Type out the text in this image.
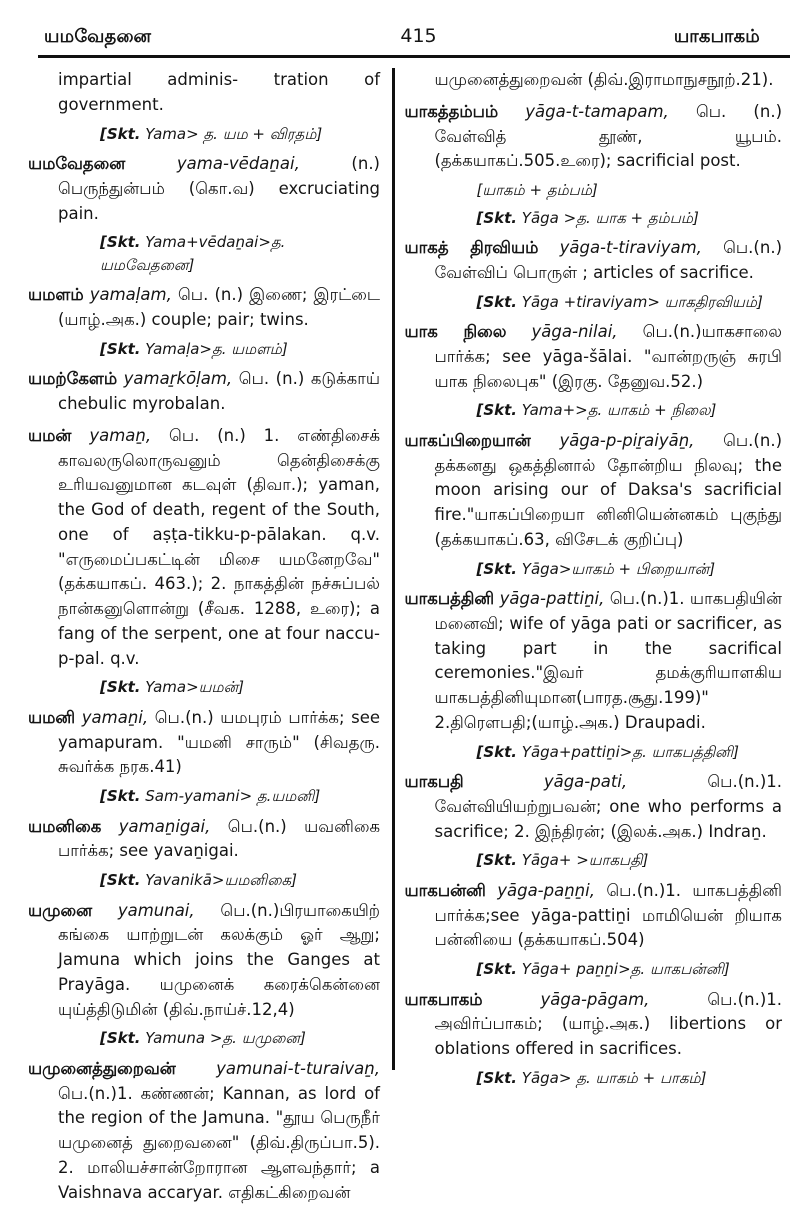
யமவேதனை	415	யாகபாகம்

impartial adminis- tration of government.

[Skt. Yama> த. யம + விரதம்]

யமவேதனை	yama-vēdaṉai, (n.) பெருந்துன்பம் (கொ.வ) excruciating pain.

[Skt. Yama+vēdaṉai>த. யமவேதனை]

யமளம் yamaḷam, பெ. (n.) இணை; இரட்டை (யாழ்.அக.) couple; pair; twins.

[Skt. Yamaḷa>த. யமளம்]

யமற்கேளம் yamaṟkōḷam, பெ. (n.) கடுக்காய் chebulic myrobalan.

யமன் yamaṉ, பெ. (n.) 1. எண்திசைக் காவலருலொருவனும் தென்திசைக்கு உரியவனுமான கடவுள் (திவா.); yaman, the God of death, regent of the South, one of aṣṭa-tikku-p-pālakan. q.v. "எருமைப்பகட்டின் மிசை யமனேறவே" (தக்கயாகப். 463.); 2. நாகத்தின் நச்சுப்பல் நான்கனுளொன்று (சீவக. 1288, உரை); a fang of the serpent, one at four naccu-p-pal. q.v.

[Skt. Yama>யமன்]

யமனி yamaṉi, பெ.(n.) யமபுரம் பார்க்க; see yamapuram. "யமனி சாரும்" (சிவதரு. சுவர்க்க நரக.41)

[Skt. Sam-yamani> த.யமனி]

யமனிகை yamaṉigai, பெ.(n.) யவனிகை பார்க்க; see yavaṉigai.

[Skt. Yavanikā>யமனிகை]

யமுனை yamunai, பெ.(n.)பிரயாகையிற் கங்கை யாற்றுடன் கலக்கும் ஓர் ஆறு; Jamuna which joins the Ganges at Prayāga. யமுனைக் கரைக்கென்னை யுய்த்திடுமின் (திவ்.நாய்ச்.12,4)

[Skt. Yamuna >த. யமுனை]

யமுனைத்துறைவன் yamunai-t-turaivaṉ, பெ.(n.)1. கண்ணன்; Kannan, as lord of the region of the Jamuna. "தூய பெருநீர் யமுனைத் துறைவனை" (திவ்.திருப்பா.5). 2. மாலியச்சான்றோரான ஆளவந்தார்; a Vaishnava accaryar. எதிகட்கிறைவன்

யமுனைத்துறைவன் (திவ்.இராமாநுசநூற்.21).

யாகத்தம்பம் yāga-t-tamapam, பெ. (n.) வேள்வித் தூண், யூபம். (தக்கயாகப்.505.உரை); sacrificial post.

[யாகம் + தம்பம்]

[Skt. Yāga >த. யாக + தம்பம்]

யாகத் திரவியம் yāga-t-tiraviyam, பெ.(n.) வேள்விப் பொருள் ; articles of sacrifice.

[Skt. Yāga +tiraviyam> யாகதிரவியம்]

யாக நிலை yāga-nilai, பெ.(n.)யாகசாலை பார்க்க; see yāga-šālai. "வான்றருஞ் சுரபி யாக நிலைபுக" (இரகு. தேனுவ.52.)

[Skt. Yama+>த. யாகம் + நிலை]

யாகப்பிறையான் yāga-p-piṟaiyāṉ, பெ.(n.) தக்கனது ஒகத்தினால் தோன்றிய நிலவு; the moon arising our of Daksa's sacrificial fire."யாகப்பிறையா னினியென்னகம் புகுந்து (தக்கயாகப்.63, விசேடக் குறிப்பு)

[Skt. Yāga>யாகம் + பிறையான்]

யாகபத்தினி yāga-pattiṉi, பெ.(n.)1. யாகபதியின் மனைவி; wife of yāga pati or sacrificer, as taking part in the sacrifical ceremonies."இவர் தமக்குரியாளகிய யாகபத்தினியுமான(பாரத.சூது.199)" 2.திரௌபதி;(யாழ்.அக.) Draupadi.

[Skt. Yāga+pattiṉi>த. யாகபத்தினி]

யாகபதி	yāga-pati, பெ.(n.)1. வேள்வியியற்றுபவன்; one who performs a sacrifice; 2. இந்திரன்; (இலக்.அக.) Indraṉ.

[Skt. Yāga+ >யாகபதி]

யாகபன்னி yāga-paṉṉi, பெ.(n.)1. யாகபத்தினி பார்க்க;see yāga-pattiṉi மாமியென் றியாக பன்னியை (தக்கயாகப்.504)

[Skt. Yāga+ paṉṉi>த. யாகபன்னி]

யாகபாகம்	yāga-pāgam, பெ.(n.)1. அவிர்ப்பாகம்; (யாழ்.அக.) libertions or oblations offered in sacrifices.

[Skt. Yāga> த. யாகம் + பாகம்]
